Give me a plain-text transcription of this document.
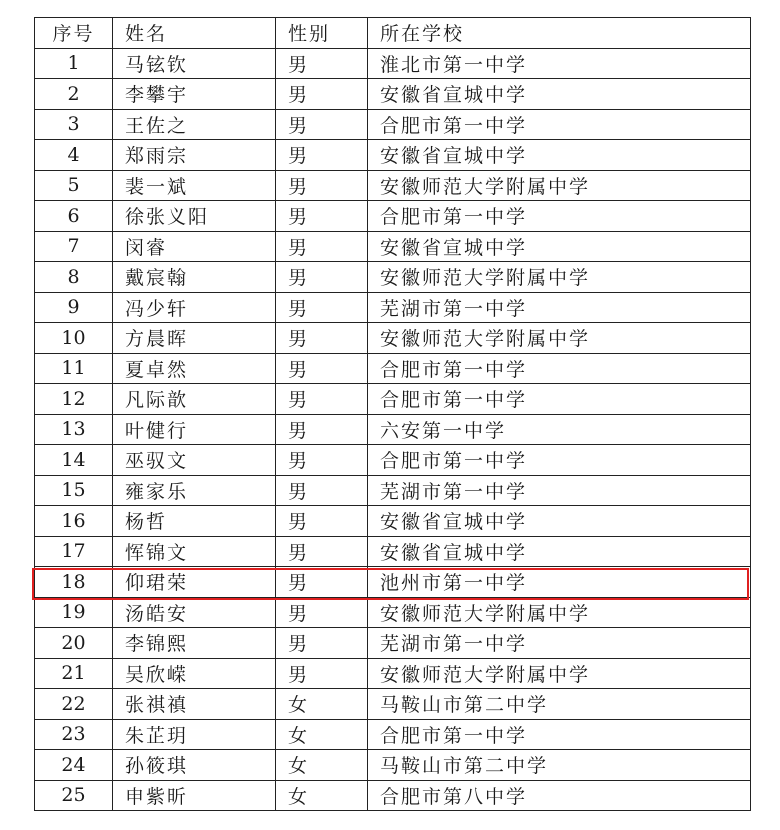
序号	姓名	性别	所在学校
1	马铉钦	男	淮北市第一中学
2	李攀宇	男	安徽省宣城中学
3	王佐之	男	合肥市第一中学
4	郑雨宗	男	安徽省宣城中学
5	裴一斌	男	安徽师范大学附属中学
6	徐张义阳	男	合肥市第一中学
7	闵睿	男	安徽省宣城中学
8	戴宸翰	男	安徽师范大学附属中学
9	冯少轩	男	芜湖市第一中学
10	方晨晖	男	安徽师范大学附属中学
11	夏卓然	男	合肥市第一中学
12	凡际歆	男	合肥市第一中学
13	叶健行	男	六安第一中学
14	巫驭文	男	合肥市第一中学
15	雍家乐	男	芜湖市第一中学
16	杨哲	男	安徽省宣城中学
17	恽锦文	男	安徽省宣城中学
18	仰珺荣	男	池州市第一中学
19	汤皓安	男	安徽师范大学附属中学
20	李锦熙	男	芜湖市第一中学
21	吴欣嵘	男	安徽师范大学附属中学
22	张祺禛	女	马鞍山市第二中学
23	朱芷玥	女	合肥市第一中学
24	孙筱琪	女	马鞍山市第二中学
25	申紫昕	女	合肥市第八中学
